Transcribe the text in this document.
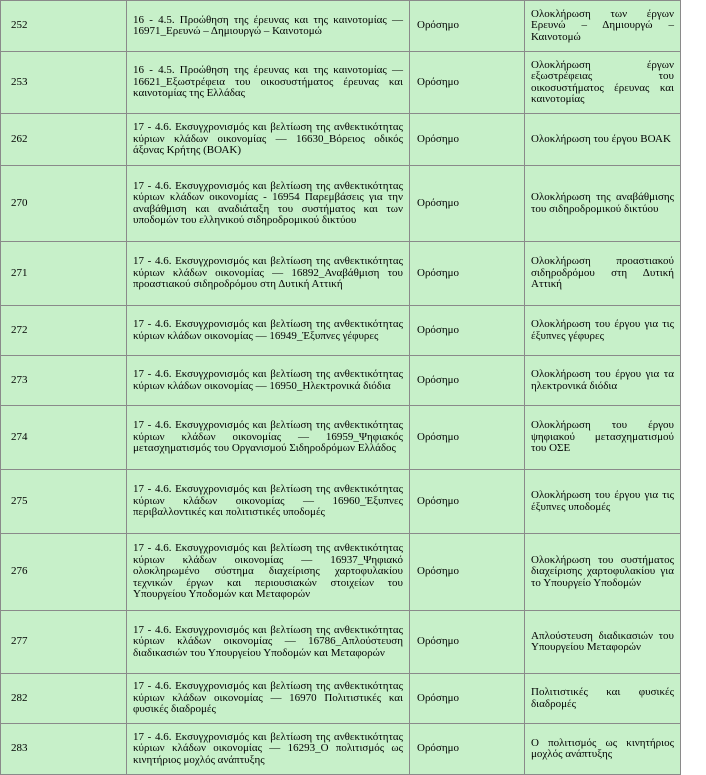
252	16 - 4.5. Προώθηση της έρευνας και της καινοτομίας — 16971_Ερευνώ – Δημιουργώ – Καινοτομώ	Ορόσημο	Ολοκλήρωση των έργων Ερευνώ – Δημιουργώ – Καινοτομώ
253	16 - 4.5. Προώθηση της έρευνας και της καινοτομίας — 16621_Εξωστρέφεια του οικοσυστήματος έρευνας και καινοτομίας της Ελλάδας	Ορόσημο	Ολοκλήρωση έργων εξωστρέφειας του οικοσυστήματος έρευνας και καινοτομίας
262	17 - 4.6. Εκσυγχρονισμός και βελτίωση της ανθεκτικότητας κύριων κλάδων οικονομίας — 16630_Βόρειος οδικός άξονας Κρήτης (ΒΟΑΚ)	Ορόσημο	Ολοκλήρωση του έργου ΒΟΑΚ
270	17 - 4.6. Εκσυγχρονισμός και βελτίωση της ανθεκτικότητας κύριων κλάδων οικονομίας - 16954 Παρεμβάσεις για την αναβάθμιση και αναδιάταξη του συστήματος και των υποδομών του ελληνικού σιδηροδρομικού δικτύου	Ορόσημο	Ολοκλήρωση της αναβάθμισης του σιδηροδρομικού δικτύου
271	17 - 4.6. Εκσυγχρονισμός και βελτίωση της ανθεκτικότητας κύριων κλάδων οικονομίας — 16892_Αναβάθμιση του προαστιακού σιδηροδρόμου στη Δυτική Αττική	Ορόσημο	Ολοκλήρωση προαστιακού σιδηροδρόμου στη Δυτική Αττική
272	17 - 4.6. Εκσυγχρονισμός και βελτίωση της ανθεκτικότητας κύριων κλάδων οικονομίας — 16949_Έξυπνες γέφυρες	Ορόσημο	Ολοκλήρωση του έργου για τις έξυπνες γέφυρες
273	17 - 4.6. Εκσυγχρονισμός και βελτίωση της ανθεκτικότητας κύριων κλάδων οικονομίας — 16950_Ηλεκτρονικά διόδια	Ορόσημο	Ολοκλήρωση του έργου για τα ηλεκτρονικά διόδια
274	17 - 4.6. Εκσυγχρονισμός και βελτίωση της ανθεκτικότητας κύριων κλάδων οικονομίας — 16959_Ψηφιακός μετασχηματισμός του Οργανισμού Σιδηροδρόμων Ελλάδος	Ορόσημο	Ολοκλήρωση του έργου ψηφιακού μετασχηματισμού του ΟΣΕ
275	17 - 4.6. Εκσυγχρονισμός και βελτίωση της ανθεκτικότητας κύριων κλάδων οικονομίας — 16960_Έξυπνες περιβαλλοντικές και πολιτιστικές υποδομές	Ορόσημο	Ολοκλήρωση του έργου για τις έξυπνες υποδομές
276	17 - 4.6. Εκσυγχρονισμός και βελτίωση της ανθεκτικότητας κύριων κλάδων οικονομίας — 16937_Ψηφιακό ολοκληρωμένο σύστημα διαχείρισης χαρτοφυλακίου τεχνικών έργων και περιουσιακών στοιχείων του Υπουργείου Υποδομών και Μεταφορών	Ορόσημο	Ολοκλήρωση του συστήματος διαχείρισης χαρτοφυλακίου για το Υπουργείο Υποδομών
277	17 - 4.6. Εκσυγχρονισμός και βελτίωση της ανθεκτικότητας κύριων κλάδων οικονομίας — 16786_Απλούστευση διαδικασιών του Υπουργείου Υποδομών και Μεταφορών	Ορόσημο	Απλούστευση διαδικασιών του Υπουργείου Μεταφορών
282	17 - 4.6. Εκσυγχρονισμός και βελτίωση της ανθεκτικότητας κύριων κλάδων οικονομίας — 16970 Πολιτιστικές και φυσικές διαδρομές	Ορόσημο	Πολιτιστικές και φυσικές διαδρομές
283	17 - 4.6. Εκσυγχρονισμός και βελτίωση της ανθεκτικότητας κύριων κλάδων οικονομίας — 16293_Ο πολιτισμός ως κινητήριος μοχλός ανάπτυξης	Ορόσημο	Ο πολιτισμός ως κινητήριος μοχλός ανάπτυξης
